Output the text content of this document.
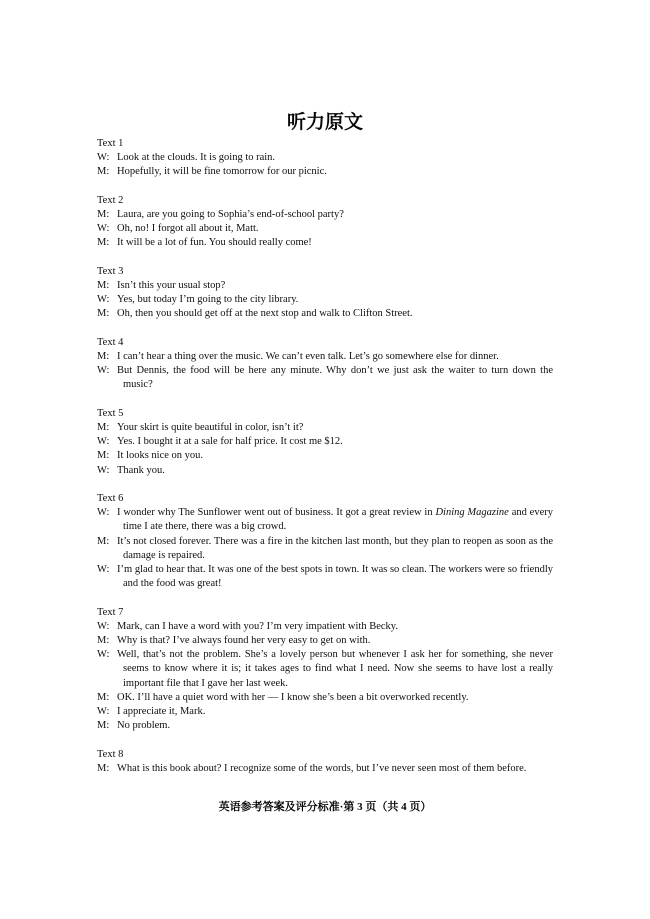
听力原文
Text 1
W: Look at the clouds. It is going to rain.
M: Hopefully, it will be fine tomorrow for our picnic.
Text 2
M: Laura, are you going to Sophia’s end-of-school party?
W: Oh, no! I forgot all about it, Matt.
M: It will be a lot of fun. You should really come!
Text 3
M: Isn’t this your usual stop?
W: Yes, but today I’m going to the city library.
M: Oh, then you should get off at the next stop and walk to Clifton Street.
Text 4
M: I can’t hear a thing over the music. We can’t even talk. Let’s go somewhere else for dinner.
W: But Dennis, the food will be here any minute. Why don’t we just ask the waiter to turn down the music?
Text 5
M: Your skirt is quite beautiful in color, isn’t it?
W: Yes. I bought it at a sale for half price. It cost me $12.
M: It looks nice on you.
W: Thank you.
Text 6
W: I wonder why The Sunflower went out of business. It got a great review in Dining Magazine and every time I ate there, there was a big crowd.
M: It’s not closed forever. There was a fire in the kitchen last month, but they plan to reopen as soon as the damage is repaired.
W: I’m glad to hear that. It was one of the best spots in town. It was so clean. The workers were so friendly and the food was great!
Text 7
W: Mark, can I have a word with you? I’m very impatient with Becky.
M: Why is that? I’ve always found her very easy to get on with.
W: Well, that’s not the problem. She’s a lovely person but whenever I ask her for something, she never seems to know where it is; it takes ages to find what I need. Now she seems to have lost a really important file that I gave her last week.
M: OK. I’ll have a quiet word with her — I know she’s been a bit overworked recently.
W: I appreciate it, Mark.
M: No problem.
Text 8
M: What is this book about? I recognize some of the words, but I’ve never seen most of them before.
英语参考答案及评分标准·第 3 页（共 4 页）
